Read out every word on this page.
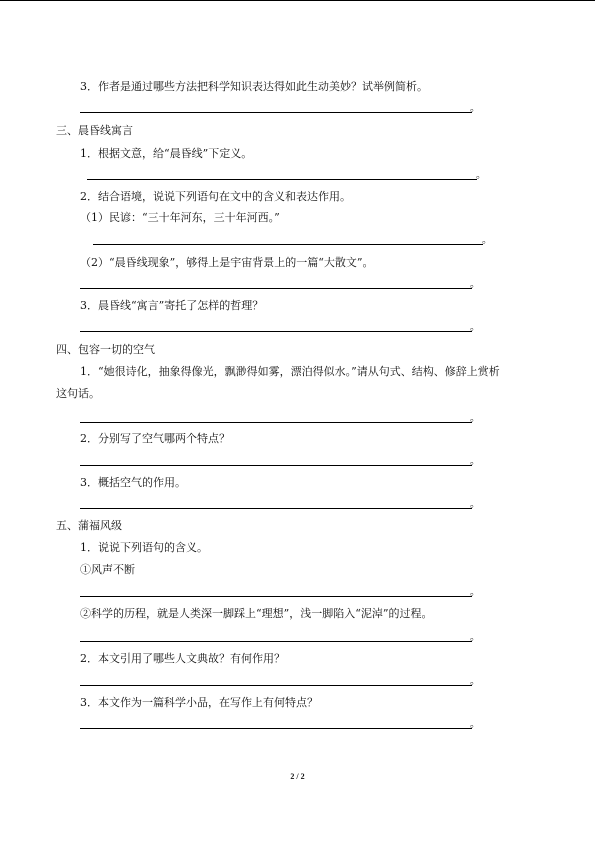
3．作者是通过哪些方法把科学知识表达得如此生动美妙？试举例简析。
。
三、晨昏线寓言
1．根据文意，给“晨昏线”下定义。
。
2．结合语境，说说下列语句在文中的含义和表达作用。
（1）民谚：“三十年河东，三十年河西。”
。
（2）“晨昏线现象”，够得上是宇宙背景上的一篇“大散文”。
。
3．晨昏线“寓言”寄托了怎样的哲理？
。
四、包容一切的空气
1．“她很诗化，抽象得像光，飘渺得如雾，漂泊得似水。”请从句式、结构、修辞上赏析
这句话。
。
2．分别写了空气哪两个特点？
。
3．概括空气的作用。
。
五、蒲福风级
1．说说下列语句的含义。
①风声不断
。
②科学的历程，就是人类深一脚踩上“理想”，浅一脚陷入“泥淖”的过程。
。
2．本文引用了哪些人文典故？有何作用？
。
3．本文作为一篇科学小品，在写作上有何特点？
。
2 / 2
